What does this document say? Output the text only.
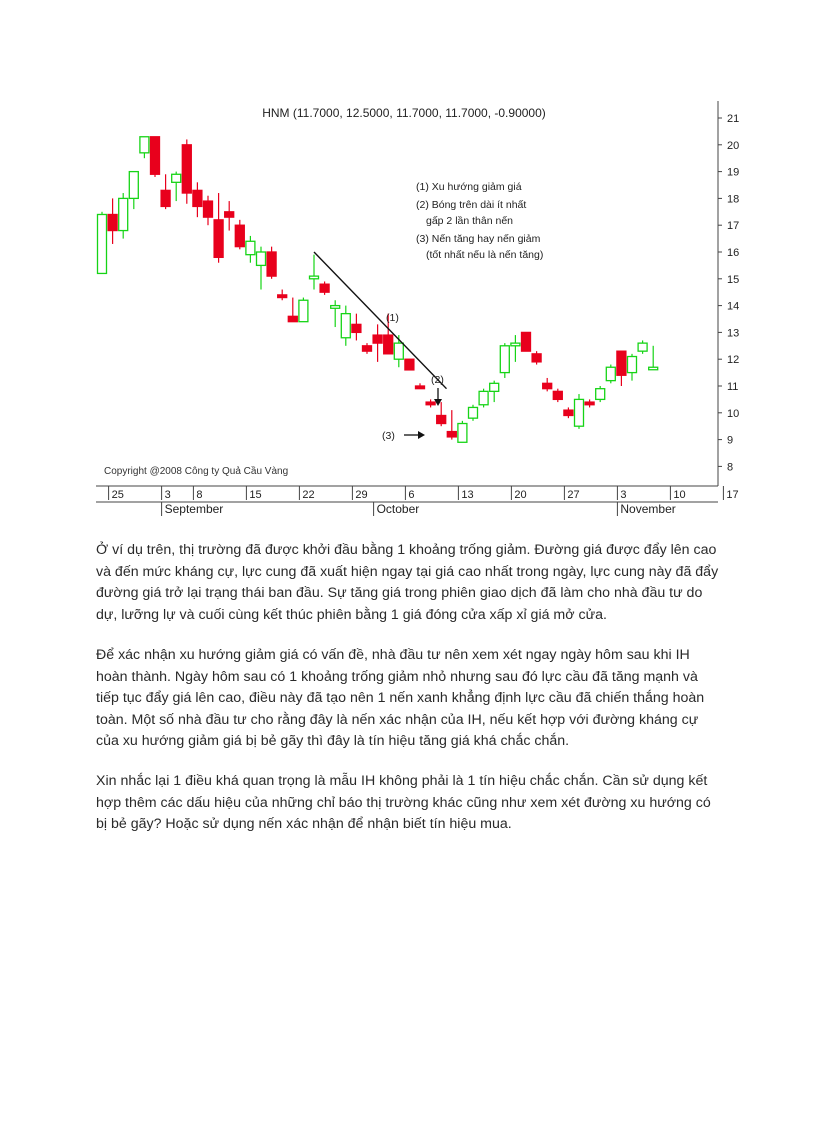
8
9
10
11
12
13
14
15
16
17
18
19
20
21
25	3 8	15	22	29	6	13	20	27	3	10	17
September	October	November
HNM (11.7000, 12.5000, 11.7000, 11.7000, -0.90000)
(1) Xu hướng giảm giá
(2) Bóng trên dài ít nhất
gấp 2 lần thân nến
(3) Nến tăng hay nến giảm
(tốt nhất nếu là nến tăng)
(1)
(2)
(3)
Copyright @2008 Công ty Quả Cầu Vàng

Ở ví dụ trên, thị trường đã được khởi đầu bằng 1 khoảng trống giảm. Đường giá được đẩy lên cao và đến mức kháng cự, lực cung đã xuất hiện ngay tại giá cao nhất trong ngày, lực cung này đã đẩy đường giá trở lại trạng thái ban đầu. Sự tăng giá trong phiên giao dịch đã làm cho nhà đầu tư do dự, lưỡng lự và cuối cùng kết thúc phiên bằng 1 giá đóng cửa xấp xỉ giá mở cửa.

Để xác nhận xu hướng giảm giá có vấn đề, nhà đầu tư nên xem xét ngay ngày hôm sau khi IH hoàn thành. Ngày hôm sau có 1 khoảng trống giảm nhỏ nhưng sau đó lực cầu đã tăng mạnh và tiếp tục đẩy giá lên cao, điều này đã tạo nên 1 nến xanh khẳng định lực cầu đã chiến thắng hoàn toàn. Một số nhà đầu tư cho rằng đây là nến xác nhận của IH, nếu kết hợp với đường kháng cự của xu hướng giảm giá bị bẻ gãy thì đây là tín hiệu tăng giá khá chắc chắn.

Xin nhắc lại 1 điều khá quan trọng là mẫu IH không phải là 1 tín hiệu chắc chắn. Cần sử dụng kết hợp thêm các dấu hiệu của những chỉ báo thị trường khác cũng như xem xét đường xu hướng có bị bẻ gãy? Hoặc sử dụng nến xác nhận để nhận biết tín hiệu mua.
